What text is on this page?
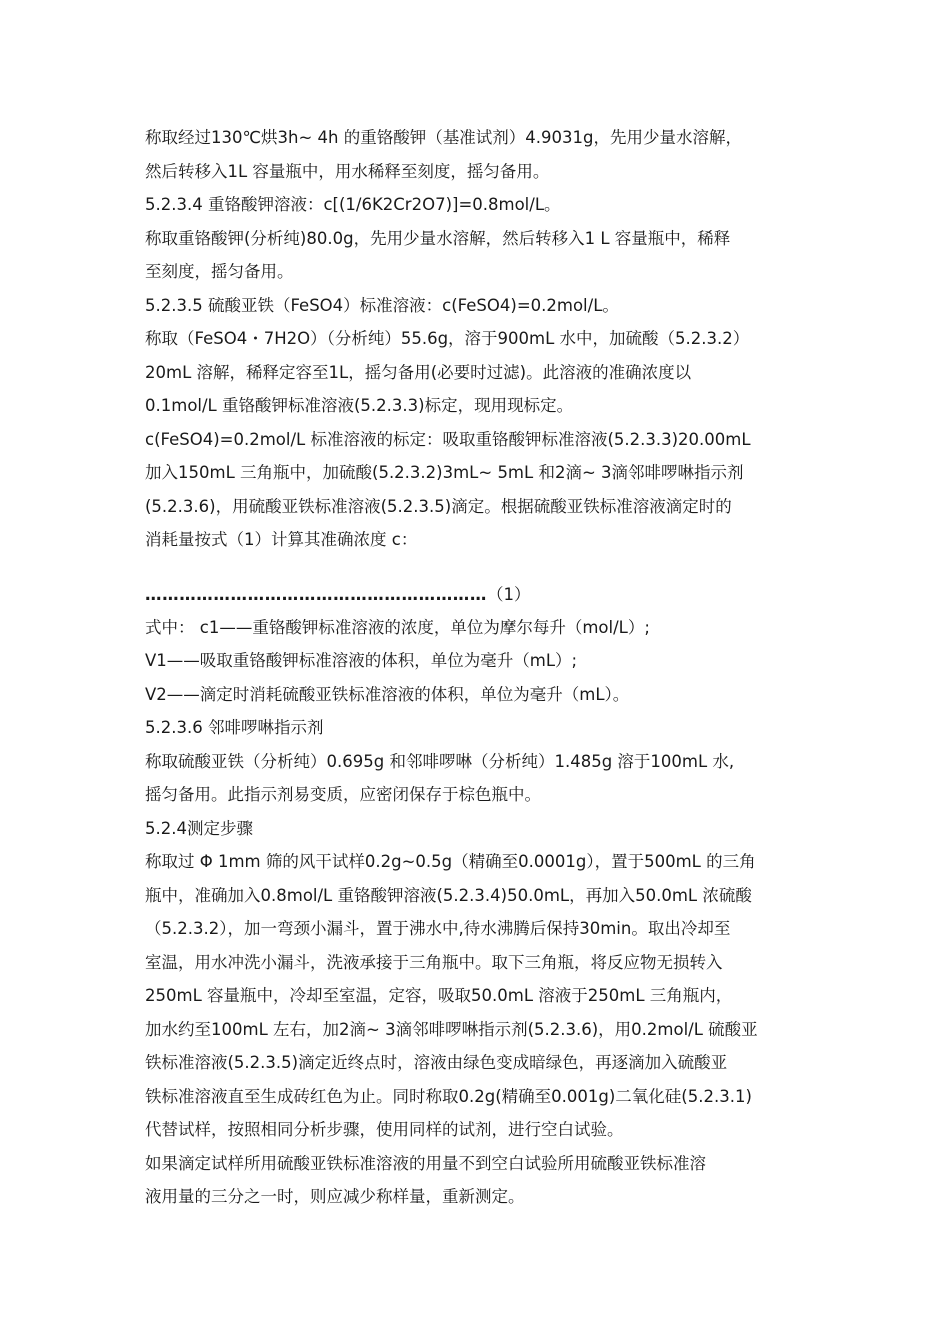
称取经过130℃烘3h~ 4h 的重铬酸钾（基准试剂）4.9031g，先用少量水溶解，
然后转移入1L 容量瓶中，用水稀释至刻度，摇匀备用。
5.2.3.4 重铬酸钾溶液：c[(1/6K2Cr2O7)]=0.8mol/L。
称取重铬酸钾(分析纯)80.0g，先用少量水溶解，然后转移入1 L 容量瓶中，稀释
至刻度，摇匀备用。
5.2.3.5 硫酸亚铁（FeSO4）标准溶液：c(FeSO4)=0.2mol/L。
称取（FeSO4・7H2O）（分析纯）55.6g，溶于900mL 水中，加硫酸（5.2.3.2）
20mL 溶解，稀释定容至1L，摇匀备用(必要时过滤)。此溶液的准确浓度以
0.1mol/L 重铬酸钾标准溶液(5.2.3.3)标定，现用现标定。
c(FeSO4)=0.2mol/L 标准溶液的标定：吸取重铬酸钾标准溶液(5.2.3.3)20.00mL
加入150mL 三角瓶中，加硫酸(5.2.3.2)3mL~ 5mL 和2滴~ 3滴邻啡啰啉指示剂
(5.2.3.6)，用硫酸亚铁标准溶液(5.2.3.5)滴定。根据硫酸亚铁标准溶液滴定时的
消耗量按式（1）计算其准确浓度 c：
……………………………………………………（1）
式中： c1——重铬酸钾标准溶液的浓度，单位为摩尔每升（mol/L）;
V1——吸取重铬酸钾标准溶液的体积，单位为毫升（mL）;
V2——滴定时消耗硫酸亚铁标准溶液的体积，单位为毫升（mL）。
5.2.3.6 邻啡啰啉指示剂
称取硫酸亚铁（分析纯）0.695g 和邻啡啰啉（分析纯）1.485g 溶于100mL 水,
摇匀备用。此指示剂易变质，应密闭保存于棕色瓶中。
5.2.4测定步骤
称取过 Φ 1mm 筛的风干试样0.2g~0.5g（精确至0.0001g），置于500mL 的三角
瓶中，准确加入0.8mol/L 重铬酸钾溶液(5.2.3.4)50.0mL，再加入50.0mL 浓硫酸
（5.2.3.2），加一弯颈小漏斗，置于沸水中,待水沸腾后保持30min。取出冷却至
室温，用水冲洗小漏斗，洗液承接于三角瓶中。取下三角瓶，将反应物无损转入
250mL 容量瓶中，冷却至室温，定容，吸取50.0mL 溶液于250mL 三角瓶内，
加水约至100mL 左右，加2滴~ 3滴邻啡啰啉指示剂(5.2.3.6)，用0.2mol/L 硫酸亚
铁标准溶液(5.2.3.5)滴定近终点时，溶液由绿色变成暗绿色，再逐滴加入硫酸亚
铁标准溶液直至生成砖红色为止。同时称取0.2g(精确至0.001g)二氧化硅(5.2.3.1)
代替试样，按照相同分析步骤，使用同样的试剂，进行空白试验。
如果滴定试样所用硫酸亚铁标准溶液的用量不到空白试验所用硫酸亚铁标准溶
液用量的三分之一时，则应减少称样量，重新测定。
